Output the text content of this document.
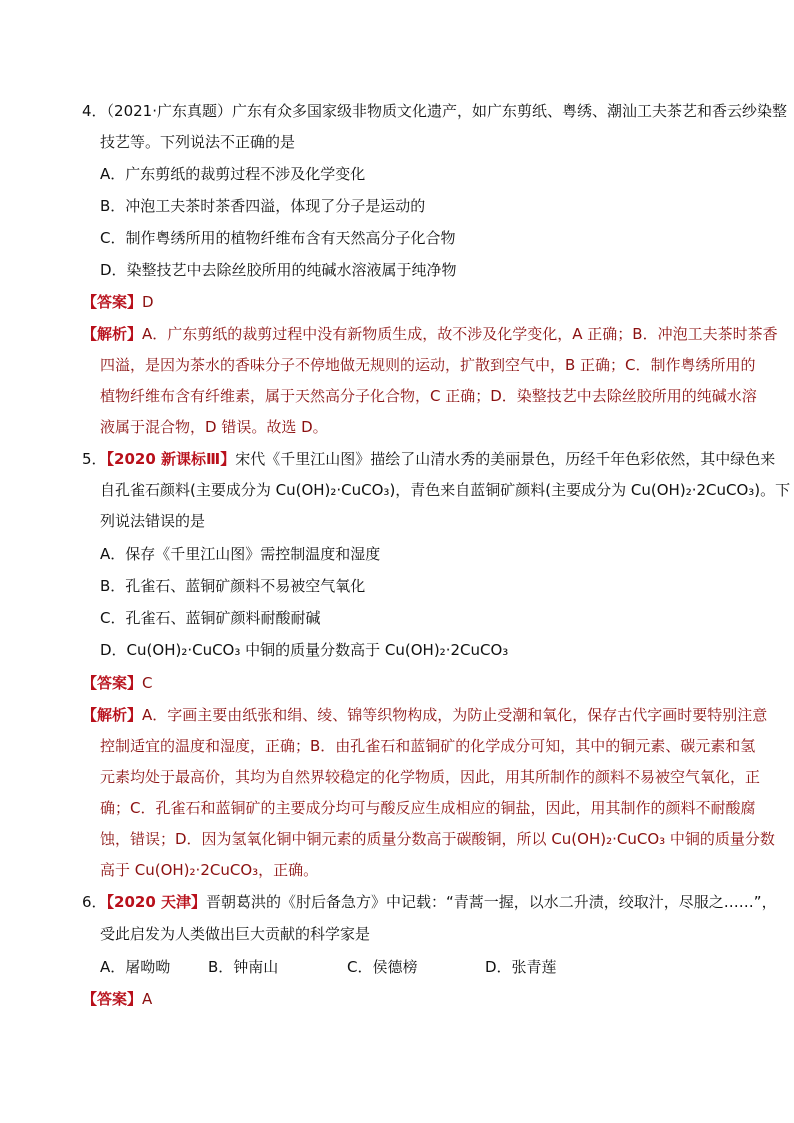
4．（2021·广东真题）广东有众多国家级非物质文化遗产，如广东剪纸、粤绣、潮汕工夫茶艺和香云纱染整
技艺等。下列说法不正确的是
A．广东剪纸的裁剪过程不涉及化学变化
B．冲泡工夫茶时茶香四溢，体现了分子是运动的
C．制作粤绣所用的植物纤维布含有天然高分子化合物
D．染整技艺中去除丝胶所用的纯碱水溶液属于纯净物
【答案】D
【解析】A．广东剪纸的裁剪过程中没有新物质生成，故不涉及化学变化，A 正确；B．冲泡工夫茶时茶香
四溢，是因为茶水的香味分子不停地做无规则的运动，扩散到空气中，B 正确；C．制作粤绣所用的
植物纤维布含有纤维素，属于天然高分子化合物，C 正确；D．染整技艺中去除丝胶所用的纯碱水溶
液属于混合物，D 错误。故选 D。
5．【2020 新课标Ⅲ】宋代《千里江山图》描绘了山清水秀的美丽景色，历经千年色彩依然，其中绿色来
自孔雀石颜料(主要成分为 Cu(OH)₂·CuCO₃)，青色来自蓝铜矿颜料(主要成分为 Cu(OH)₂·2CuCO₃)。下
列说法错误的是
A．保存《千里江山图》需控制温度和湿度
B．孔雀石、蓝铜矿颜料不易被空气氧化
C．孔雀石、蓝铜矿颜料耐酸耐碱
D．Cu(OH)₂·CuCO₃ 中铜的质量分数高于 Cu(OH)₂·2CuCO₃
【答案】C
【解析】A．字画主要由纸张和绢、绫、锦等织物构成，为防止受潮和氧化，保存古代字画时要特别注意
控制适宜的温度和湿度，正确；B．由孔雀石和蓝铜矿的化学成分可知，其中的铜元素、碳元素和氢
元素均处于最高价，其均为自然界较稳定的化学物质，因此，用其所制作的颜料不易被空气氧化，正
确；C．孔雀石和蓝铜矿的主要成分均可与酸反应生成相应的铜盐，因此，用其制作的颜料不耐酸腐
蚀，错误；D．因为氢氧化铜中铜元素的质量分数高于碳酸铜，所以 Cu(OH)₂·CuCO₃ 中铜的质量分数
高于 Cu(OH)₂·2CuCO₃，正确。
6．【2020 天津】晋朝葛洪的《肘后备急方》中记载：“青蒿一握，以水二升渍，绞取汁，尽服之……”，
受此启发为人类做出巨大贡献的科学家是
A．屠呦呦	B．钟南山	C．侯德榜	D．张青莲
【答案】A
